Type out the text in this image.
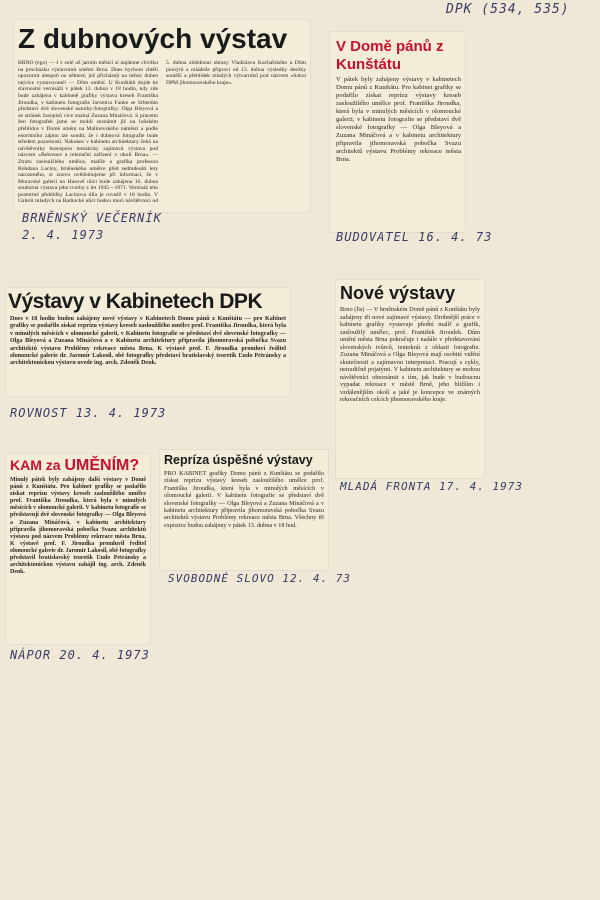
DPK (534, 535)
Z dubnových výstav

BRNO (ego) — I v celé už jarním měsíci si najdeme chvilku na procházku výstavními síněmi Brna. Dnes bychom chtěli upozornit alespoň na některé, jež přicházejí na měsíc duben nejvíce vystavované! — Dům umění. U Kunštátů dojde ke slavnostní vernisáži v pátek 13. dubna v 18 hodin, kdy zde bude zahájena v kabinetě grafiky výstava kreseb Františka Jiroudka, v kabinetu fotografie Jaromíra Funke se Srbenům představí dvě slovenské autorky-fotografky: Olga Bleyová a ze stránek časopisů více známá Zuzana Mináčová. S pracemi žen fotografek jsme se mohli seznámit již na loňském přehlídce v Domě umění na Malinovského náměstí a podle enormního zájmu lze soudit, že i dubnová fotografie bude středem pozornosti. Nakonec v kabinetu architektury čeká na návštěvníky bezesporu tematicky zajímavá výstava pod názvem »Rekreace a rekreační zařízení v okolí Brna«. — Ztrátu zasloužilého umělce, malíře a grafika profesora Bohdana Laciny, brněnského umělce před sedmdesáti lety narozeného, si znovu uvědomujeme při informaci, že v Moravské galerii na Husově ulici bude zahájena 16. dubna souborná výstava jeho tvorby z let 1945—1971. Vernisáž této posmrtné přehlídky Lacinova díla je rovněž v 18 hodin. V Galerii mladých na Radnické ulici budou moci návštěvníci od 5. dubna zhlédnout obrazy Vladislava Kuchařského a Dům pionýrů a mládeže připraví od 13. dubna výsledky desítky soutěží a přehlídek mladých výtvarníků pod názvem »Salon DPM jihomoravského kraje«.

BRNĚNSKÝ VEČERNÍK
2. 4. 1973
V Domě pánů z Kunštátu

V pátek byly zahájeny výstavy v kabinetech Domu pánů z Kunštátu. Pro kabinet grafiky se podařilo získat reprízu výstavy kreseb zasloužilého umělce prof. Františka Jiroudka, která byla v minulých měsících v olomoucké galerii, v kabinetu fotografie se představí dvě slovenské fotografky — Olga Bleyová a Zuzana Mináčová a v kabinetu architektury připravila jihomoravská pobočka Svazu architektů výstavu Problémy rekreace města Brna.

BUDOVATEL 16. 4. 73
Výstavy v Kabinetech DPK

Dnes v 18 hodin budou zahájeny nové výstavy v Kabinetech Domu pánů z Kunštátu — pro Kabinet grafiky se podařilo získat reprízu výstavy kreseb zasloužilého umělce prof. Františka Jiroudka, která byla v minulých měsících v olomoucké galerii, v Kabinetu fotografie se představí dvě slovenské fotografky — Olga Bleyová a Zuzana Mináčová a v Kabinetu architektury připravila jihomoravská pobočka Svazu architektů výstavu Problémy rekreace města Brna. K výstavě prof. F. Jiroudka promluví ředitel olomoucké galerie dr. Jaromír Lakosil, obě fotografky představí bratislavský teoretik Ľudo Petránsky a architektonickou výstavu uvede ing. arch. Zdeněk Denk.

ROVNOST 13. 4. 1973
Nové výstavy

Brno (lis) — V brněnském Domě pánů z Kunštátu byly zahájeny tři nové zajímavé výstavy. Drobnější práce v kabinetu grafiky vystavuje přední malíř a grafik, zasloužilý umělec, prof. František Jiroudek. Dům umění města Brna pokračuje i nadále v představování slovenských tvůrců, tentokrát z oblasti fotografie. Zuzana Mináčová a Olga Bleyová mají osobité vidění skutečnosti a zajímavou interpretaci. Pracují s cykly, netradičně pojatými. V kabinetu architektury se mohou návštěvníci obeznámit s tím, jak bude v budoucnu vypadat rekreace v městě Brně, jeho bližším i vzdálenějším okolí a jaké je koncepce ve známých rekreačních celcích jihomoravského kraje.

MLADÁ FRONTA 17. 4. 1973
KAM za UMĚNÍM?

Minulý pátek byly zahájeny další výstavy v Domě pánů z Kunštátu. Pro kabinet grafiky se podařilo získat reprízu výstavy kreseb zasloužilého umělce prof. Františka Jiroudka, která byla v minulých měsících v olomoucké galerii. V kabinetu fotografie se představují dvě slovenské fotografky — Olga Bleyová a Zuzana Mináčová, v kabinetu architektury připravila jihomoravská pobočka Svazu architektů výstavu pod názvem Problémy rekreace města Brna. K výstavě prof. F. Jiroudka promluvil ředitel olomoucké galerie dr. Jaromír Lakosil, obě fotografky představil bratislavský teoretik Ľudo Petránsky a architektonickou výstavu zahájil ing. arch. Zdeněk Denk.

NÁPOR 20. 4. 1973
Repríza úspěšné výstavy

PRO KABINET grafiky Domu pánů z Kunštátu se podařilo získat reprízu výstavy kreseb zasloužilého umělce prof. Františka Jiroudka, která byla v minulých měsících v olomoucké galerii. V kabinetu fotografie se představí dvě slovenské fotografky — Olga Bleyová a Zuzana Mináčová a v kabinetu architektury připravila jihomoravská pobočka Svazu architektů výstavu Problémy rekreace města Brna. Všechny tři expozice budou zahájeny v pátek 13. dubna v 18 hod.

SVOBODNÉ SLOVO 12. 4. 73
